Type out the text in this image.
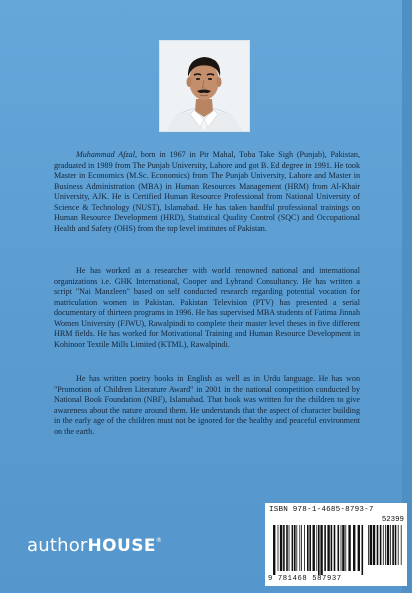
Muhammad Afzal, born in 1967 in Pir Mahal, Toba Take Sigh (Punjab), Pakistan, graduated in 1989 from The Punjab University, Lahore and got B. Ed degree in 1991. He took Master in Economics (M.Sc. Economics) from The Punjab University, Lahore and Master in Business Administration (MBA) in Human Resources Management (HRM) from Al-Khair University, AJK. He is Certified Human Resource Professional from National University of Science & Technology (NUST), Islamabad. He has taken handful professional trainings on Human Resource Development (HRD), Statistical Quality Control (SQC) and Occupational Health and Safety (OHS) from the top level institutes of Pakistan.

He has worked as a researcher with world renowned national and international organizations i.e. GHK International, Cooper and Lybrand Consultancy. He has written a script "Nai Manzleen" based on self conducted research regarding potential vocation for matriculation women in Pakistan. Pakistan Television (PTV) has presented a serial documentary of thirteen programs in 1996. He has supervised MBA students of Fatima Jinnah Women University (FJWU), Rawalpindi to complete their master level theses in five different HRM fields. He has worked for Motivational Training and Human Resource Development in Kohinoor Textile Mills Limited (KTML), Rawalpindi.

He has written poetry books in English as well as in Urdu language. He has won "Promotion of Children Literature Award" in 2001 in the national competition conducted by National Book Foundation (NBF), Islamabad. That book was written for the children to give awareness about the nature around them. He understands that the aspect of character building in the early age of the children must not be ignored for the healthy and peaceful environment on the earth.

authorHOUSE®
ISBN 978-1-4685-8793-7
52399
9 781468 587937
